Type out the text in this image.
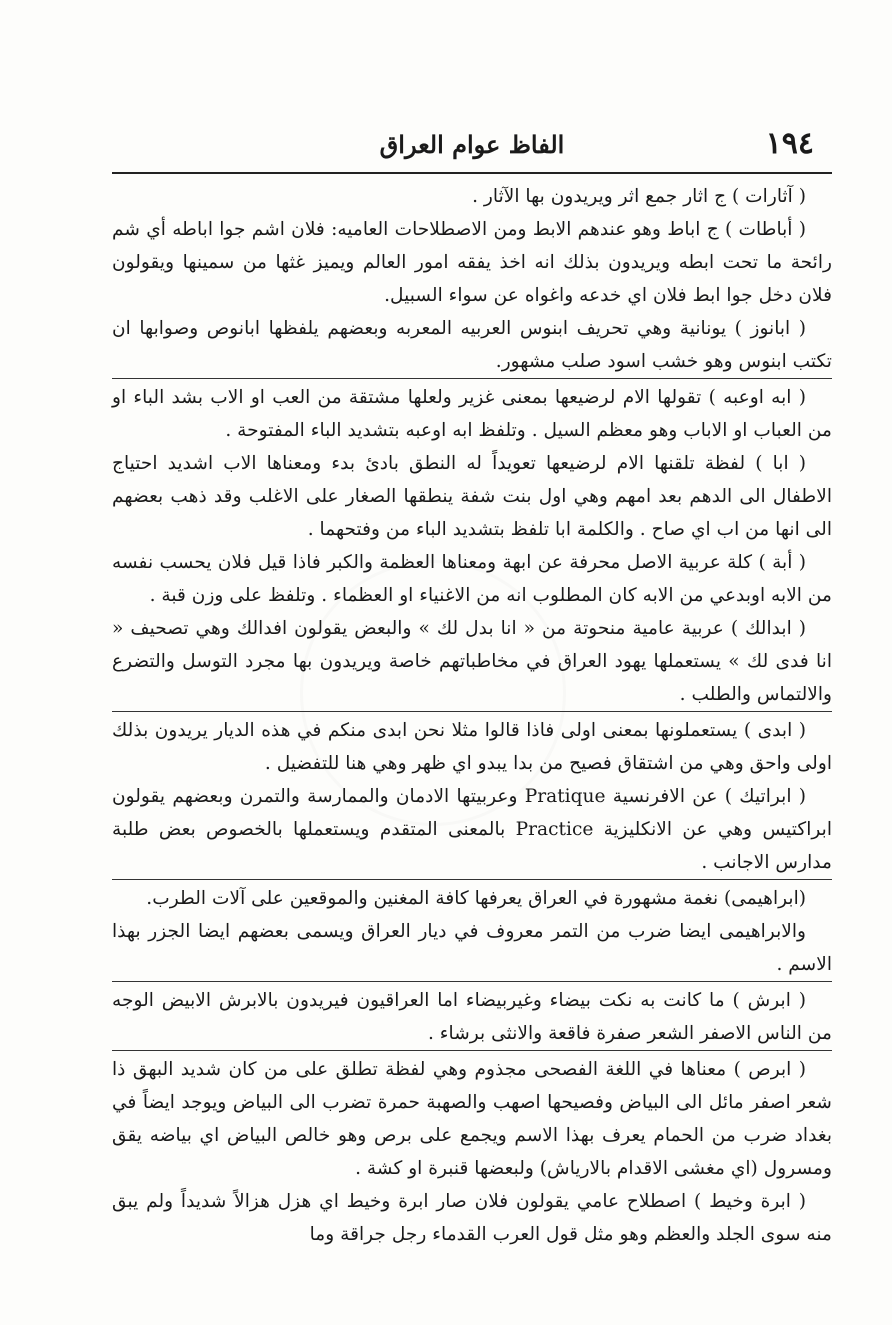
١٩٤
الفاظ عوام العراق

( آثارات ) ج اثار جمع اثر ويريدون بها الآثار .

( أباطات ) ج اباط وهو عندهم الابط ومن الاصطلاحات العاميه: فلان اشم جوا اباطه أي شم رائحة ما تحت ابطه ويريدون بذلك انه اخذ يفقه امور العالم ويميز غثها من سمينها ويقولون فلان دخل جوا ابط فلان اي خدعه واغواه عن سواء السبيل.

( ابانوز ) يونانية وهي تحريف ابنوس العربيه المعربه وبعضهم يلفظها ابانوص وصوابها ان تكتب ابنوس وهو خشب اسود صلب مشهور.

( ابه اوعبه ) تقولها الام لرضيعها بمعنى غزير ولعلها مشتقة من العب او الاب بشد الباء او من العباب او الاباب وهو معظم السيل . وتلفظ ابه اوعبه بتشديد الباء المفتوحة .

( ابا ) لفظة تلقنها الام لرضيعها تعويداً له النطق بادئ بدء ومعناها الاب اشديد احتياج الاطفال الى الدهم بعد امهم وهي اول بنت شفة ينطقها الصغار على الاغلب وقد ذهب بعضهم الى انها من اب اي صاح . والكلمة ابا تلفظ بتشديد الباء من وفتحهما .

( أبة ) كلة عربية الاصل محرفة عن ابهة ومعناها العظمة والكبر فاذا قيل فلان يحسب نفسه من الابه اوبدعي من الابه كان المطلوب انه من الاغنياء او العظماء . وتلفظ على وزن قبة .

( ابدالك ) عربية عامية منحوتة من « انا بدل لك » والبعض يقولون افدالك وهي تصحيف « انا فدى لك » يستعملها يهود العراق في مخاطباتهم خاصة ويريدون بها مجرد التوسل والتضرع والالتماس والطلب .

( ابدى ) يستعملونها بمعنى اولى فاذا قالوا مثلا نحن ابدى منكم في هذه الديار يريدون بذلك اولى واحق وهي من اشتقاق فصيح من بدا يبدو اي ظهر وهي هنا للتفضيل .

( ابراتيك ) عن الافرنسية Pratique وعربيتها الادمان والممارسة والتمرن وبعضهم يقولون ابراكتيس وهي عن الانكليزية Practice بالمعنى المتقدم ويستعملها بالخصوص بعض طلبة مدارس الاجانب .

(ابراهيمى) نغمة مشهورة في العراق يعرفها كافة المغنين والموقعين على آلات الطرب.

والابراهيمى ايضا ضرب من التمر معروف في ديار العراق ويسمى بعضهم ايضا الجزر بهذا الاسم .

( ابرش ) ما كانت به نكت بيضاء وغيربيضاء اما العراقيون فيريدون بالابرش الابيض الوجه من الناس الاصفر الشعر صفرة فاقعة والانثى برشاء .

( ابرص ) معناها في اللغة الفصحى مجذوم وهي لفظة تطلق على من كان شديد البهق ذا شعر اصفر مائل الى البياض وفصيحها اصهب والصهبة حمرة تضرب الى البياض ويوجد ايضاً في بغداد ضرب من الحمام يعرف بهذا الاسم ويجمع على برص وهو خالص البياض اي بياضه يقق ومسرول (اي مغشى الاقدام بالارياش) ولبعضها قنبرة او كشة .

( ابرة وخيط ) اصطلاح عامي يقولون فلان صار ابرة وخيط اي هزل هزالاً شديداً ولم يبق منه سوى الجلد والعظم وهو مثل قول العرب القدماء رجل جراقة وما
